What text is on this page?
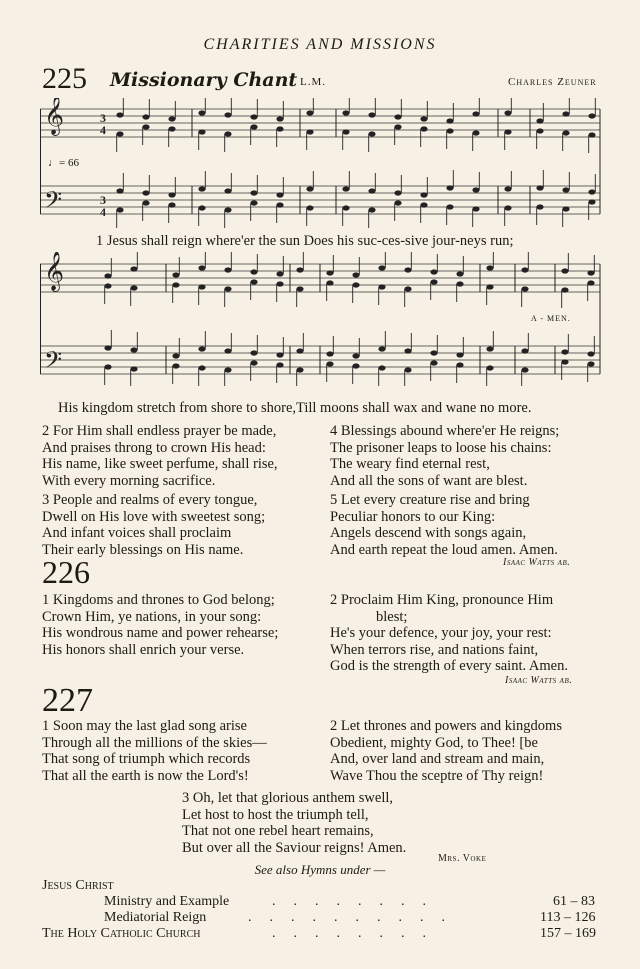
CHARITIES AND MISSIONS
225 Missionary Chant L.M.	Charles Zeuner
𝄞
𝄢
3
4
3
4
𝄞
𝄢
♩= 66
A - MEN.
1 Jesus shall reign where'er the sun Does his suc-ces-sive jour-neys run;
His kingdom stretch from shore to shore,Till moons shall wax and wane no more.
2 For Him shall endless prayer be made,
And praises throng to crown His head:
His name, like sweet perfume, shall rise,
With every morning sacrifice.
3 People and realms of every tongue,
Dwell on His love with sweetest song;
And infant voices shall proclaim
Their early blessings on His name.
4 Blessings abound where'er He reigns;
The prisoner leaps to loose his chains:
The weary find eternal rest,
And all the sons of want are blest.
5 Let every creature rise and bring
Peculiar honors to our King:
Angels descend with songs again,
And earth repeat the loud amen. Amen.
Isaac Watts ab.
226
1 Kingdoms and thrones to God belong;
Crown Him, ye nations, in your song:
His wondrous name and power rehearse;
His honors shall enrich your verse.
2 Proclaim Him King, pronounce Him
blest;
He's your defence, your joy, your rest:
When terrors rise, and nations faint,
God is the strength of every saint. Amen.
Isaac Watts ab.
227
1 Soon may the last glad song arise
Through all the millions of the skies—
That song of triumph which records
That all the earth is now the Lord's!
2 Let thrones and powers and kingdoms
Obedient, mighty God, to Thee! [be
And, over land and stream and main,
Wave Thou the sceptre of Thy reign!
3 Oh, let that glorious anthem swell,
Let host to host the triumph tell,
That not one rebel heart remains,
But over all the Saviour reigns! Amen.
Mrs. Voke
See also Hymns under —
Jesus Christ
Ministry and Example	........	61 – 83
Mediatorial Reign	..........	113 – 126
The Holy Catholic Church	........	157 – 169
